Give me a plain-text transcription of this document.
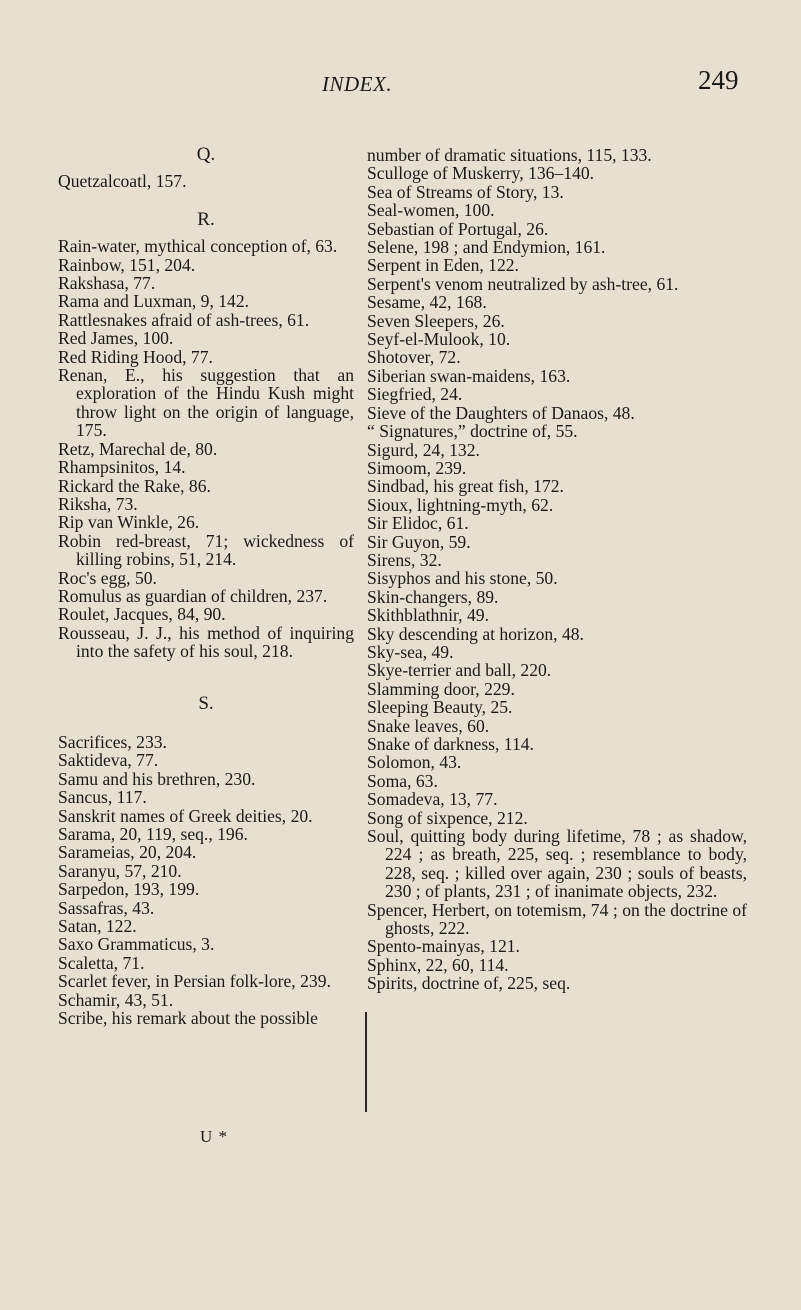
INDEX.	249
Q.
Quetzalcoatl, 157.
R.
Rain-water, mythical conception of, 63.
Rainbow, 151, 204.
Rakshasa, 77.
Rama and Luxman, 9, 142.
Rattlesnakes afraid of ash-trees, 61.
Red James, 100.
Red Riding Hood, 77.
Renan, E., his suggestion that an exploration of the Hindu Kush might throw light on the origin of language, 175.
Retz, Marechal de, 80.
Rhampsinitos, 14.
Rickard the Rake, 86.
Riksha, 73.
Rip van Winkle, 26.
Robin red-breast, 71; wickedness of killing robins, 51, 214.
Roc's egg, 50.
Romulus as guardian of children, 237.
Roulet, Jacques, 84, 90.
Rousseau, J. J., his method of inquiring into the safety of his soul, 218.
S.
Sacrifices, 233.
Saktideva, 77.
Samu and his brethren, 230.
Sancus, 117.
Sanskrit names of Greek deities, 20.
Sarama, 20, 119, seq., 196.
Sarameias, 20, 204.
Saranyu, 57, 210.
Sarpedon, 193, 199.
Sassafras, 43.
Satan, 122.
Saxo Grammaticus, 3.
Scaletta, 71.
Scarlet fever, in Persian folk-lore, 239.
Schamir, 43, 51.
Scribe, his remark about the possible
number of dramatic situations, 115, 133.
Sculloge of Muskerry, 136–140.
Sea of Streams of Story, 13.
Seal-women, 100.
Sebastian of Portugal, 26.
Selene, 198 ; and Endymion, 161.
Serpent in Eden, 122.
Serpent's venom neutralized by ash-tree, 61.
Sesame, 42, 168.
Seven Sleepers, 26.
Seyf-el-Mulook, 10.
Shotover, 72.
Siberian swan-maidens, 163.
Siegfried, 24.
Sieve of the Daughters of Danaos, 48.
“ Signatures,” doctrine of, 55.
Sigurd, 24, 132.
Simoom, 239.
Sindbad, his great fish, 172.
Sioux, lightning-myth, 62.
Sir Elidoc, 61.
Sir Guyon, 59.
Sirens, 32.
Sisyphos and his stone, 50.
Skin-changers, 89.
Skithblathnir, 49.
Sky descending at horizon, 48.
Sky-sea, 49.
Skye-terrier and ball, 220.
Slamming door, 229.
Sleeping Beauty, 25.
Snake leaves, 60.
Snake of darkness, 114.
Solomon, 43.
Soma, 63.
Somadeva, 13, 77.
Song of sixpence, 212.
Soul, quitting body during lifetime, 78 ; as shadow, 224 ; as breath, 225, seq. ; resemblance to body, 228, seq. ; killed over again, 230 ; souls of beasts, 230 ; of plants, 231 ; of inanimate objects, 232.
Spencer, Herbert, on totemism, 74 ; on the doctrine of ghosts, 222.
Spento-mainyas, 121.
Sphinx, 22, 60, 114.
Spirits, doctrine of, 225, seq.
U *
